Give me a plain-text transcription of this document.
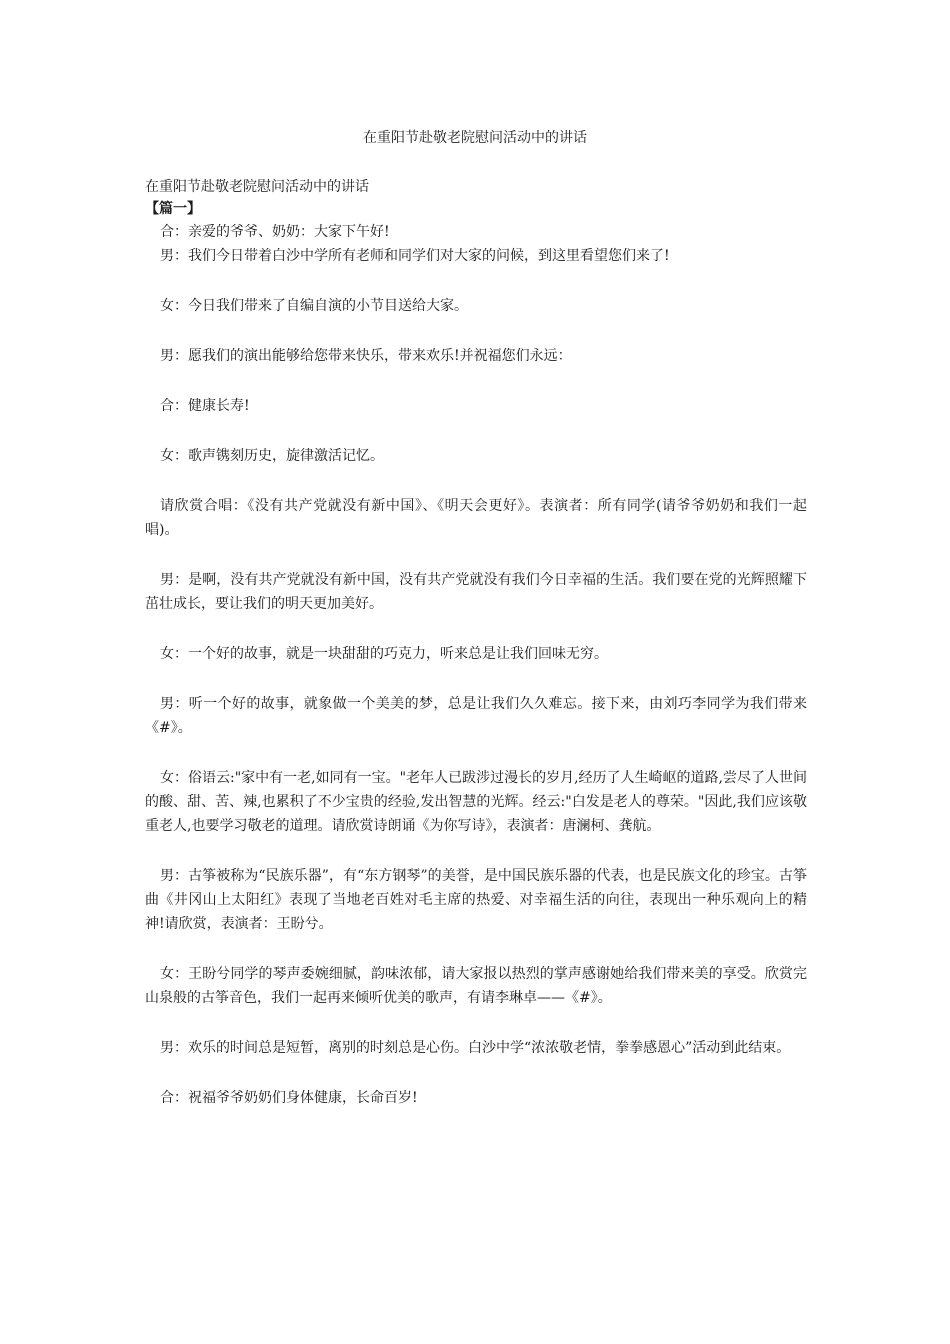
在重阳节赴敬老院慰问活动中的讲话

在重阳节赴敬老院慰问活动中的讲话

【篇一】

合：亲爱的爷爷、奶奶：大家下午好!

男：我们今日带着白沙中学所有老师和同学们对大家的问候，到这里看望您们来了!

女：今日我们带来了自编自演的小节目送给大家。

男：愿我们的演出能够给您带来快乐，带来欢乐!并祝福您们永远：

合：健康长寿!

女：歌声镌刻历史，旋律激活记忆。

请欣赏合唱：《没有共产党就没有新中国》、《明天会更好》。表演者：所有同学(请爷爷奶奶和我们一起唱)。

男：是啊，没有共产党就没有新中国，没有共产党就没有我们今日幸福的生活。我们要在党的光辉照耀下茁壮成长，要让我们的明天更加美好。

女：一个好的故事，就是一块甜甜的巧克力，听来总是让我们回味无穷。

男：听一个好的故事，就象做一个美美的梦，总是让我们久久难忘。接下来，由刘巧李同学为我们带来《#》。

女：俗语云:"家中有一老,如同有一宝。"老年人已跋涉过漫长的岁月,经历了人生崎岖的道路,尝尽了人世间的酸、甜、苦、辣,也累积了不少宝贵的经验,发出智慧的光辉。经云:"白发是老人的尊荣。"因此,我们应该敬重老人,也要学习敬老的道理。请欣赏诗朗诵《为你写诗》，表演者：唐澜柯、龚航。

男：古筝被称为“民族乐器”，有“东方钢琴”的美誉，是中国民族乐器的代表，也是民族文化的珍宝。古筝曲《井冈山上太阳红》表现了当地老百姓对毛主席的热爱、对幸福生活的向往，表现出一种乐观向上的精神!请欣赏，表演者：王盼兮。

女：王盼兮同学的琴声委婉细腻，韵味浓郁，请大家报以热烈的掌声感谢她给我们带来美的享受。欣赏完山泉般的古筝音色，我们一起再来倾听优美的歌声，有请李琳卓——《#》。

男：欢乐的时间总是短暂，离别的时刻总是心伤。白沙中学“浓浓敬老情，拳拳感恩心”活动到此结束。

合：祝福爷爷奶奶们身体健康，长命百岁!
